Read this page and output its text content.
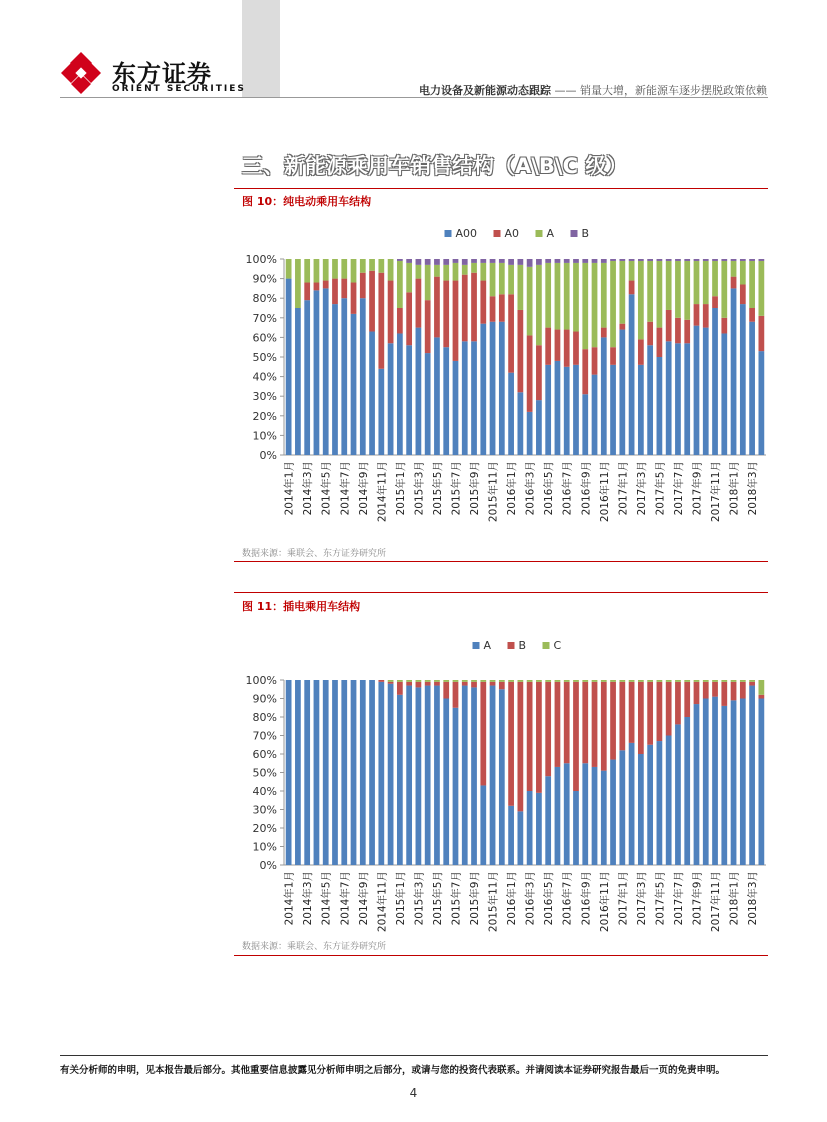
东方证券
ORIENT SECURITIES	电力设备及新能源动态跟踪 —— 销量大增，新能源车逐步摆脱政策依赖
三、新能源乘用车销售结构（A\B\C 级）
图 10：纯电动乘用车结构
A00 A0 A B
0%
10%
20%
30%
40%
50%
60%
70%
80%
90%
100%
2014年1月 2014年3月 2014年5月 2014年7月 2014年9月 2014年11月 2015年1月 2015年3月 2015年5月 2015年7月 2015年9月 2015年11月 2016年1月 2016年3月 2016年5月 2016年7月 2016年9月 2016年11月 2017年1月 2017年3月 2017年5月 2017年7月 2017年9月 2017年11月 2018年1月 2018年3月
数据来源：乘联会、东方证券研究所
图 11：插电乘用车结构
A B C
0%
10%
20%
30%
40%
50%
60%
70%
80%
90%
100%
2014年1月 2014年3月 2014年5月 2014年7月 2014年9月 2014年11月 2015年1月 2015年3月 2015年5月 2015年7月 2015年9月 2015年11月 2016年1月 2016年3月 2016年5月 2016年7月 2016年9月 2016年11月 2017年1月 2017年3月 2017年5月 2017年7月 2017年9月 2017年11月 2018年1月 2018年3月
数据来源：乘联会、东方证券研究所
有关分析师的申明，见本报告最后部分。其他重要信息披露见分析师申明之后部分，或请与您的投资代表联系。并请阅读本证券研究报告最后一页的免责申明。
4
